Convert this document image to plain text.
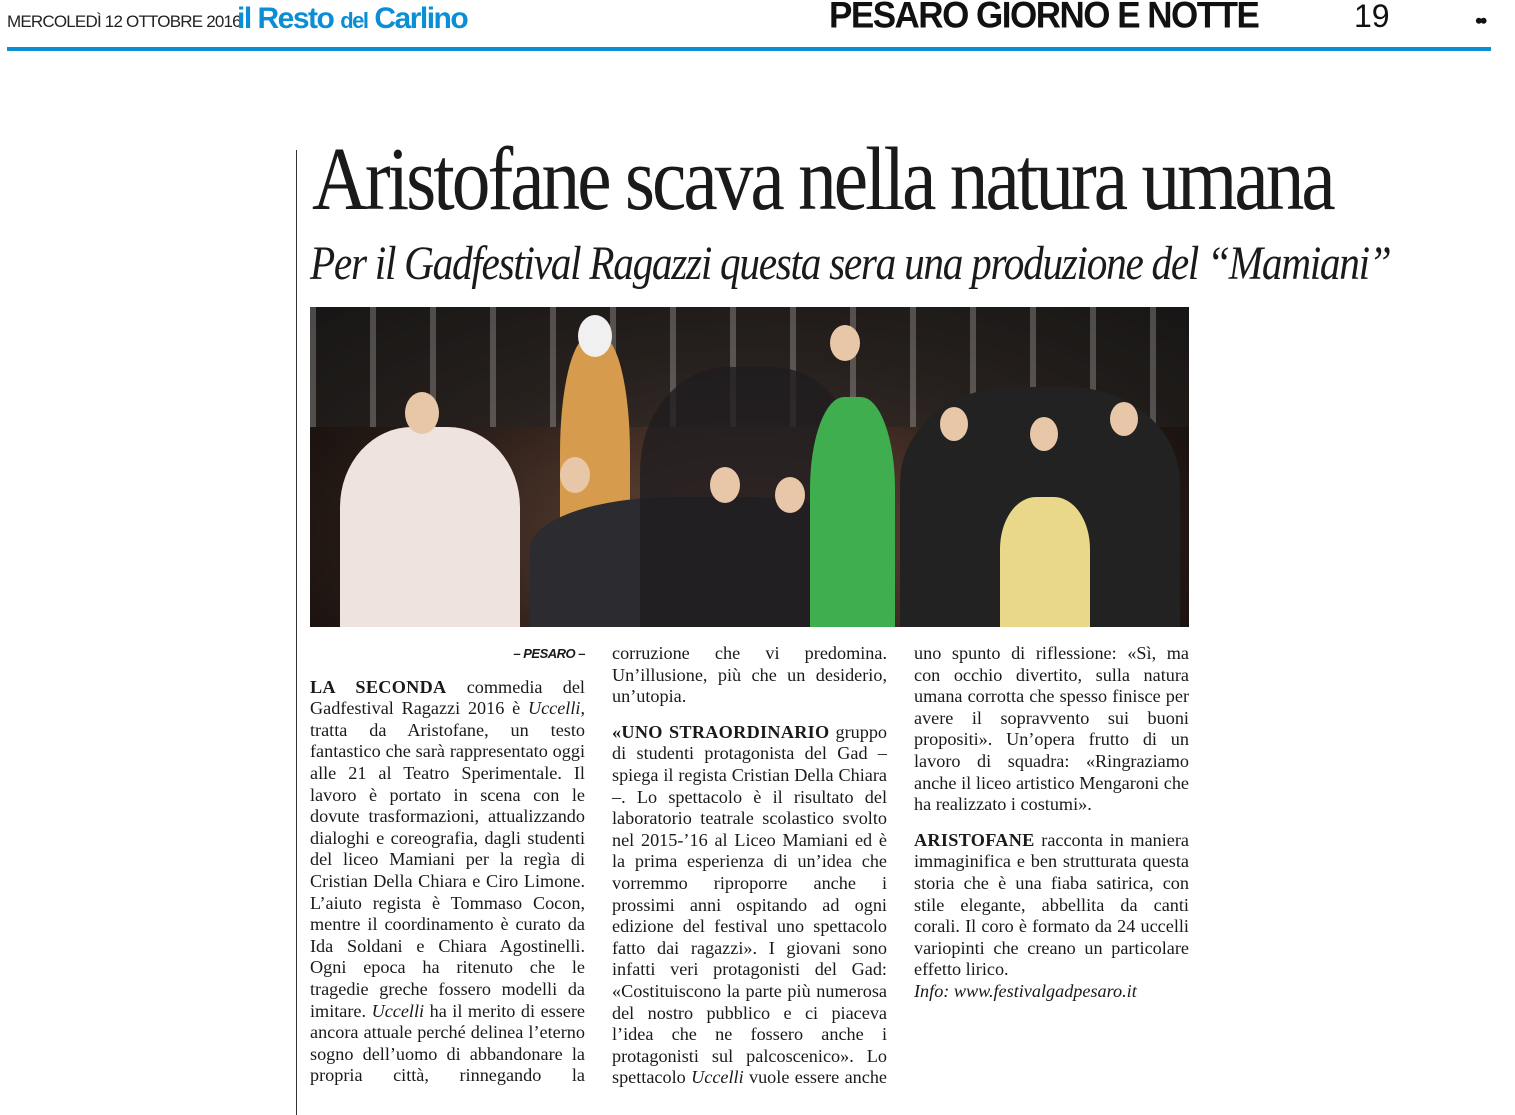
MERCOLEDÌ 12 OTTOBRE 2016
il Resto del Carlino	PESARO GIORNO E NOTTE	19	••
Aristofane scava nella natura umana
Per il Gadfestival Ragazzi questa sera una produzione del “Mamiani”
– PESARO –

LA SECONDA commedia del Gadfestival Ragazzi 2016 è Uccelli, tratta da Aristofane, un testo fantastico che sarà rappresentato oggi alle 21 al Teatro Sperimentale. Il lavoro è portato in scena con le dovute trasformazioni, attualizzando dialoghi e coreografia, dagli studenti del liceo Mamiani per la regìa di Cristian Della Chiara e Ciro Limone. L’aiuto regista è Tommaso Cocon, mentre il coordinamento è curato da Ida Soldani e Chiara Agostinelli. Ogni epoca ha ritenuto che le tragedie greche fossero modelli da imitare. Uccelli ha il merito di essere ancora attuale perché delinea l’eterno sogno dell’uomo di abbandonare la propria città, rinnegando la corruzione che vi predomina. Un’illusione, più che un desiderio, un’utopia.

«UNO STRAORDINARIO gruppo di studenti protagonista del Gad – spiega il regista Cristian Della Chiara –. Lo spettacolo è il risultato del laboratorio teatrale scolastico svolto nel 2015-’16 al Liceo Mamiani ed è la prima esperienza di un’idea che vorremmo riproporre anche i prossimi anni ospitando ad ogni edizione del festival uno spettacolo fatto dai ragazzi». I giovani sono infatti veri protagonisti del Gad: «Costituiscono la parte più numerosa del nostro pubblico e ci piaceva l’idea che ne fossero anche i protagonisti sul palcoscenico». Lo spettacolo Uccelli vuole essere anche uno spunto di riflessione: «Sì, ma con occhio divertito, sulla natura umana corrotta che spesso finisce per avere il sopravvento sui buoni propositi». Un’opera frutto di un lavoro di squadra: «Ringraziamo anche il liceo artistico Mengaroni che ha realizzato i costumi».

ARISTOFANE racconta in maniera immaginifica e ben strutturata questa storia che è una fiaba satirica, con stile elegante, abbellita da canti corali. Il coro è formato da 24 uccelli variopinti che creano un particolare effetto lirico.

Info: www.festivalgadpesaro.it
